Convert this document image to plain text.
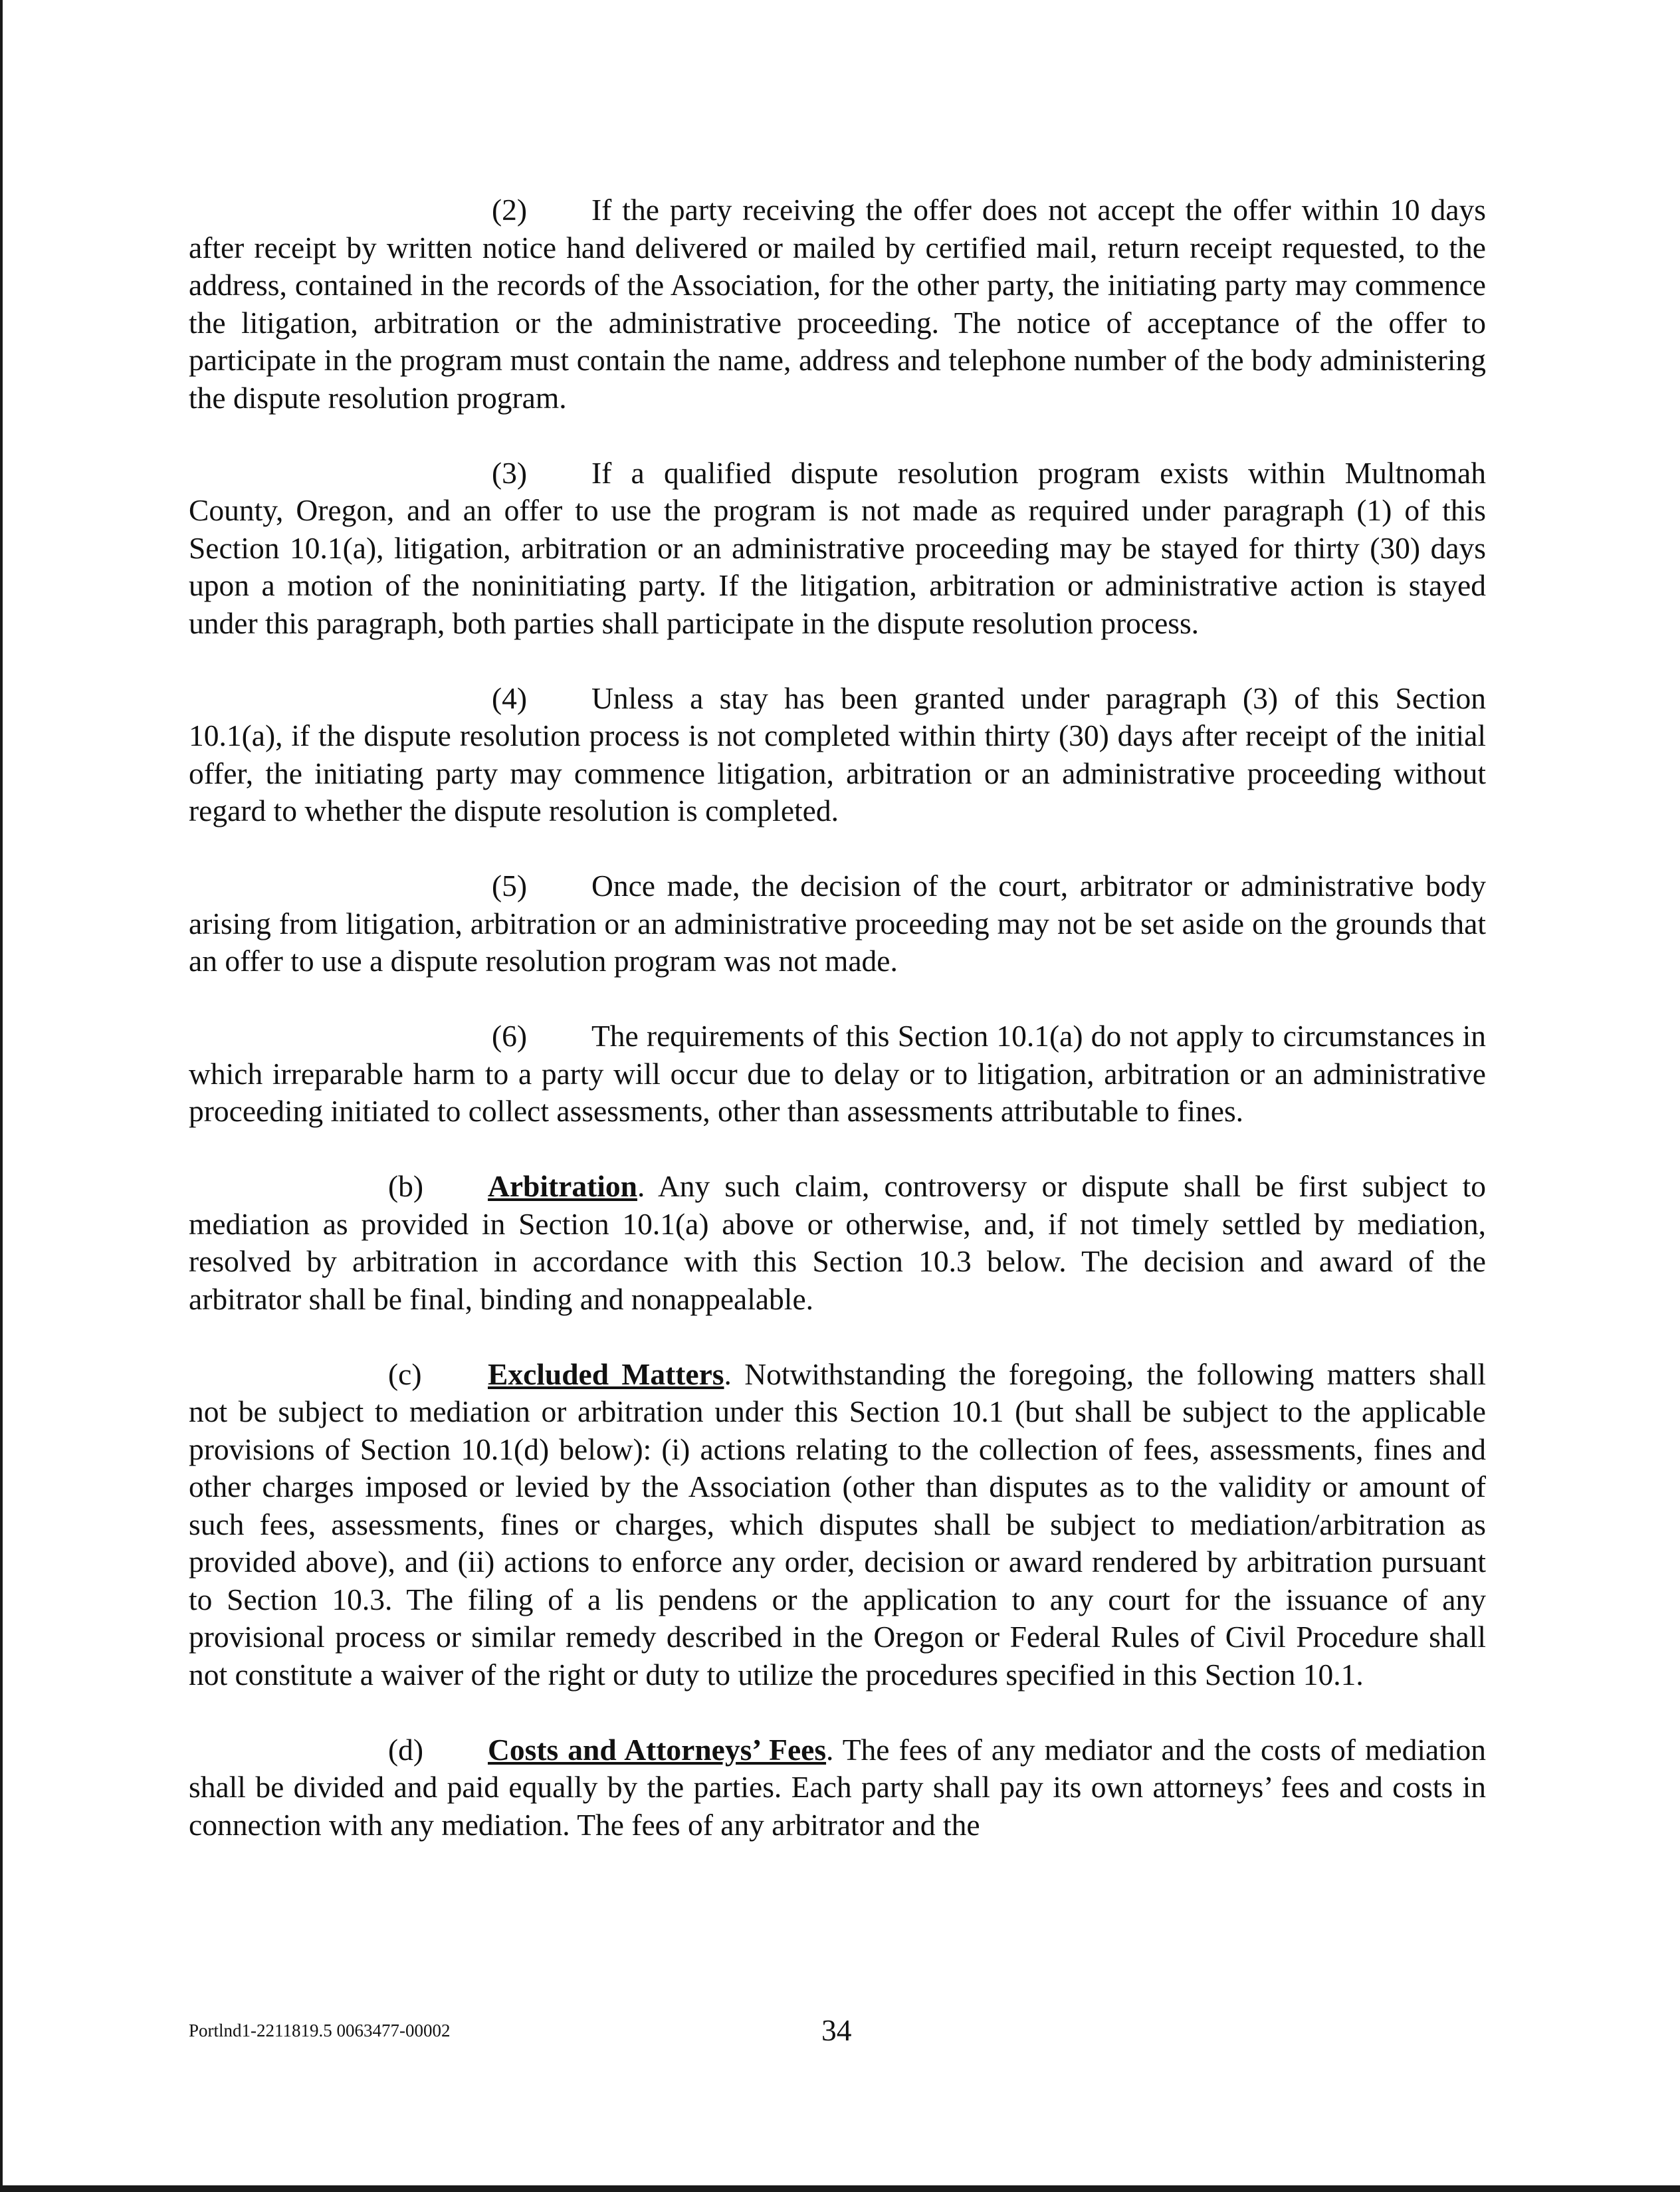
(2) If the party receiving the offer does not accept the offer within 10 days after receipt by written notice hand delivered or mailed by certified mail, return receipt requested, to the address, contained in the records of the Association, for the other party, the initiating party may commence the litigation, arbitration or the administrative proceeding. The notice of acceptance of the offer to participate in the program must contain the name, address and telephone number of the body administering the dispute resolution program.

(3) If a qualified dispute resolution program exists within Multnomah County, Oregon, and an offer to use the program is not made as required under paragraph (1) of this Section 10.1(a), litigation, arbitration or an administrative proceeding may be stayed for thirty (30) days upon a motion of the noninitiating party. If the litigation, arbitration or administrative action is stayed under this paragraph, both parties shall participate in the dispute resolution process.

(4) Unless a stay has been granted under paragraph (3) of this Section 10.1(a), if the dispute resolution process is not completed within thirty (30) days after receipt of the initial offer, the initiating party may commence litigation, arbitration or an administrative proceeding without regard to whether the dispute resolution is completed.

(5) Once made, the decision of the court, arbitrator or administrative body arising from litigation, arbitration or an administrative proceeding may not be set aside on the grounds that an offer to use a dispute resolution program was not made.

(6) The requirements of this Section 10.1(a) do not apply to circumstances in which irreparable harm to a party will occur due to delay or to litigation, arbitration or an administrative proceeding initiated to collect assessments, other than assessments attributable to fines.

(b) Arbitration. Any such claim, controversy or dispute shall be first subject to mediation as provided in Section 10.1(a) above or otherwise, and, if not timely settled by mediation, resolved by arbitration in accordance with this Section 10.3 below. The decision and award of the arbitrator shall be final, binding and nonappealable.

(c) Excluded Matters. Notwithstanding the foregoing, the following matters shall not be subject to mediation or arbitration under this Section 10.1 (but shall be subject to the applicable provisions of Section 10.1(d) below): (i) actions relating to the collection of fees, assessments, fines and other charges imposed or levied by the Association (other than disputes as to the validity or amount of such fees, assessments, fines or charges, which disputes shall be subject to mediation/arbitration as provided above), and (ii) actions to enforce any order, decision or award rendered by arbitration pursuant to Section 10.3. The filing of a lis pendens or the application to any court for the issuance of any provisional process or similar remedy described in the Oregon or Federal Rules of Civil Procedure shall not constitute a waiver of the right or duty to utilize the procedures specified in this Section 10.1.

(d) Costs and Attorneys’ Fees. The fees of any mediator and the costs of mediation shall be divided and paid equally by the parties. Each party shall pay its own attorneys’ fees and costs in connection with any mediation. The fees of any arbitrator and the

Portlnd1-2211819.5 0063477-00002	34
